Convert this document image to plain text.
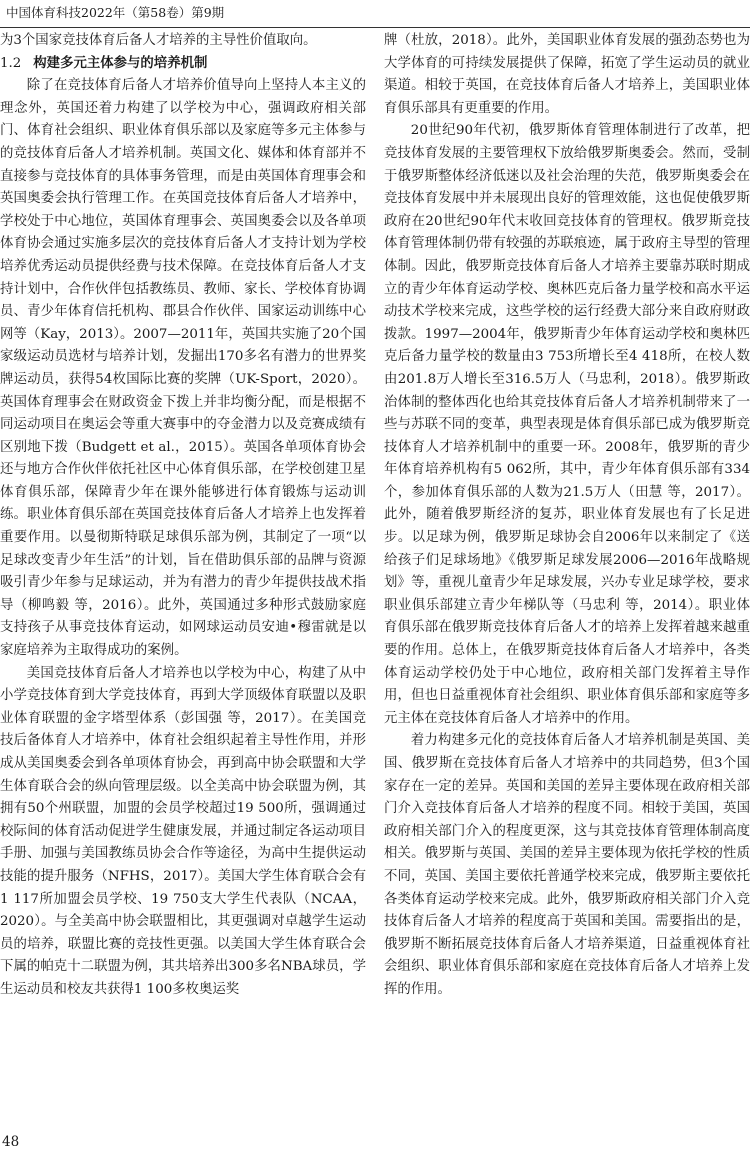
中国体育科技2022年（第58卷）第9期

为3个国家竞技体育后备人才培养的主导性价值取向。

1.2 构建多元主体参与的培养机制

除了在竞技体育后备人才培养价值导向上坚持人本主义的理念外，英国还着力构建了以学校为中心，强调政府相关部门、体育社会组织、职业体育俱乐部以及家庭等多元主体参与的竞技体育后备人才培养机制。英国文化、媒体和体育部并不直接参与竞技体育的具体事务管理，而是由英国体育理事会和英国奥委会执行管理工作。在英国竞技体育后备人才培养中，学校处于中心地位，英国体育理事会、英国奥委会以及各单项体育协会通过实施多层次的竞技体育后备人才支持计划为学校培养优秀运动员提供经费与技术保障。在竞技体育后备人才支持计划中，合作伙伴包括教练员、教师、家长、学校体育协调员、青少年体育信托机构、郡县合作伙伴、国家运动训练中心网等（Kay，2013）。2007—2011年，英国共实施了20个国家级运动员选材与培养计划，发掘出170多名有潜力的世界奖牌运动员，获得54枚国际比赛的奖牌（UK-Sport，2020）。英国体育理事会在财政资金下拨上并非均衡分配，而是根据不同运动项目在奥运会等重大赛事中的夺金潜力以及竞赛成绩有区别地下拨（Budgett et al.，2015）。英国各单项体育协会还与地方合作伙伴依托社区中心体育俱乐部，在学校创建卫星体育俱乐部，保障青少年在课外能够进行体育锻炼与运动训练。职业体育俱乐部在英国竞技体育后备人才培养上也发挥着重要作用。以曼彻斯特联足球俱乐部为例，其制定了一项“以足球改变青少年生活”的计划，旨在借助俱乐部的品牌与资源吸引青少年参与足球运动，并为有潜力的青少年提供技战术指导（柳鸣毅 等，2016）。此外，英国通过多种形式鼓励家庭支持孩子从事竞技体育运动，如网球运动员安迪•穆雷就是以家庭培养为主取得成功的案例。

美国竞技体育后备人才培养也以学校为中心，构建了从中小学竞技体育到大学竞技体育，再到大学顶级体育联盟以及职业体育联盟的金字塔型体系（彭国强 等，2017）。在美国竞技后备体育人才培养中，体育社会组织起着主导性作用，并形成从美国奥委会到各单项体育协会，再到高中协会联盟和大学生体育联合会的纵向管理层级。以全美高中协会联盟为例，其拥有50个州联盟，加盟的会员学校超过19 500所，强调通过校际间的体育活动促进学生健康发展，并通过制定各运动项目手册、加强与美国教练员协会合作等途径，为高中生提供运动技能的提升服务（NFHS，2017）。美国大学生体育联合会有1 117所加盟会员学校、19 750支大学生代表队（NCAA，2020）。与全美高中协会联盟相比，其更强调对卓越学生运动员的培养，联盟比赛的竞技性更强。以美国大学生体育联合会下属的帕克十二联盟为例，其共培养出300多名NBA球员，学生运动员和校友共获得1 100多枚奥运奖

牌（杜放，2018）。此外，美国职业体育发展的强劲态势也为大学体育的可持续发展提供了保障，拓宽了学生运动员的就业渠道。相较于英国，在竞技体育后备人才培养上，美国职业体育俱乐部具有更重要的作用。

20世纪90年代初，俄罗斯体育管理体制进行了改革，把竞技体育发展的主要管理权下放给俄罗斯奥委会。然而，受制于俄罗斯整体经济低迷以及社会治理的失范，俄罗斯奥委会在竞技体育发展中并未展现出良好的管理效能，这也促使俄罗斯政府在20世纪90年代末收回竞技体育的管理权。俄罗斯竞技体育管理体制仍带有较强的苏联痕迹，属于政府主导型的管理体制。因此，俄罗斯竞技体育后备人才培养主要靠苏联时期成立的青少年体育运动学校、奥林匹克后备力量学校和高水平运动技术学校来完成，这些学校的运行经费大部分来自政府财政拨款。1997—2004年，俄罗斯青少年体育运动学校和奥林匹克后备力量学校的数量由3 753所增长至4 418所，在校人数由201.8万人增长至316.5万人（马忠利，2018）。俄罗斯政治体制的整体西化也给其竞技体育后备人才培养机制带来了一些与苏联不同的变革，典型表现是体育俱乐部已成为俄罗斯竞技体育人才培养机制中的重要一环。2008年，俄罗斯的青少年体育培养机构有5 062所，其中，青少年体育俱乐部有334个，参加体育俱乐部的人数为21.5万人（田慧 等，2017）。此外，随着俄罗斯经济的复苏，职业体育发展也有了长足进步。以足球为例，俄罗斯足球协会自2006年以来制定了《送给孩子们足球场地》《俄罗斯足球发展2006—2016年战略规划》等，重视儿童青少年足球发展，兴办专业足球学校，要求职业俱乐部建立青少年梯队等（马忠利 等，2014）。职业体育俱乐部在俄罗斯竞技体育后备人才的培养上发挥着越来越重要的作用。总体上，在俄罗斯竞技体育后备人才培养中，各类体育运动学校仍处于中心地位，政府相关部门发挥着主导作用，但也日益重视体育社会组织、职业体育俱乐部和家庭等多元主体在竞技体育后备人才培养中的作用。

着力构建多元化的竞技体育后备人才培养机制是英国、美国、俄罗斯在竞技体育后备人才培养中的共同趋势，但3个国家存在一定的差异。英国和美国的差异主要体现在政府相关部门介入竞技体育后备人才培养的程度不同。相较于美国，英国政府相关部门介入的程度更深，这与其竞技体育管理体制高度相关。俄罗斯与英国、美国的差异主要体现为依托学校的性质不同，英国、美国主要依托普通学校来完成，俄罗斯主要依托各类体育运动学校来完成。此外，俄罗斯政府相关部门介入竞技体育后备人才培养的程度高于英国和美国。需要指出的是，俄罗斯不断拓展竞技体育后备人才培养渠道，日益重视体育社会组织、职业体育俱乐部和家庭在竞技体育后备人才培养上发挥的作用。

48
